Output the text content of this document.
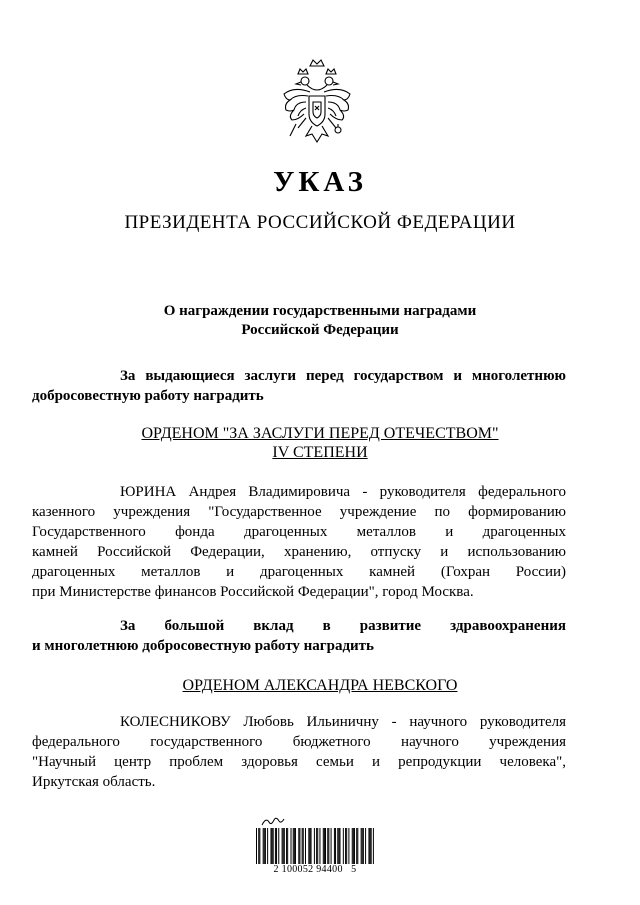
УКАЗ
ПРЕЗИДЕНТА РОССИЙСКОЙ ФЕДЕРАЦИИ
О награждении государственными наградами
Российской Федерации
За выдающиеся заслуги перед государством и многолетнюю
добросовестную работу наградить
ОРДЕНОМ "ЗА ЗАСЛУГИ ПЕРЕД ОТЕЧЕСТВОМ"
IV СТЕПЕНИ
ЮРИНА Андрея Владимировича - руководителя федерального
казенного учреждения "Государственное учреждение по формированию
Государственного фонда драгоценных металлов и драгоценных
камней Российской Федерации, хранению, отпуску и использованию
драгоценных металлов и драгоценных камней (Гохран России)
при Министерстве финансов Российской Федерации", город Москва.
За большой вклад в развитие здравоохранения
и многолетнюю добросовестную работу наградить
ОРДЕНОМ АЛЕКСАНДРА НЕВСКОГО
КОЛЕСНИКОВУ Любовь Ильиничну - научного руководителя
федерального государственного бюджетного научного учреждения
"Научный центр проблем здоровья семьи и репродукции человека",
Иркутская область.
2 100052 94400   5
